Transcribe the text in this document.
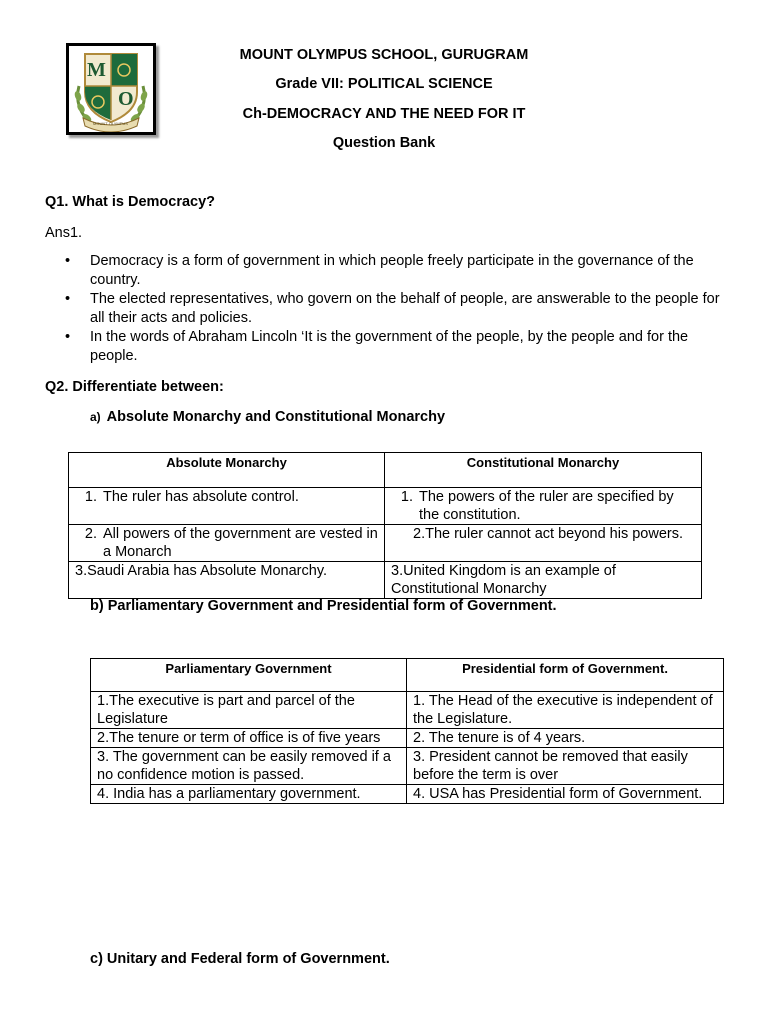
M
O
MOUNT OLYMPUS
MOUNT OLYMPUS SCHOOL, GURUGRAM
Grade VII: POLITICAL SCIENCE
Ch-DEMOCRACY AND THE NEED FOR IT
Question Bank
Q1. What is Democracy?
Ans1.
• Democracy is a form of government in which people freely participate in the governance of the country.
• The elected representatives, who govern on the behalf of people, are answerable to the people for all their acts and policies.
• In the words of Abraham Lincoln ‘It is the government of the people, by the people and for the people.
Q2. Differentiate between:
a) Absolute Monarchy and Constitutional Monarchy
Absolute Monarchy	Constitutional Monarchy

1. The ruler has absolute control.	1. The powers of the ruler are specified by the constitution.

2. All powers of the government are vested in a Monarch	2.The ruler cannot act beyond his powers.

3.Saudi Arabia has Absolute Monarchy.	3.United Kingdom is an example of Constitutional Monarchy
b) Parliamentary Government and Presidential form of Government.
Parliamentary Government	Presidential form of Government.
1.The executive is part and parcel of the Legislature	1. The Head of the executive is independent of the Legislature.
2.The tenure or term of office is of five years	2. The tenure is of 4 years.
3. The government can be easily removed if a no confidence motion is passed.	3. President cannot be removed that easily before the term is over
4. India has a parliamentary government.	4. USA has Presidential form of Government.
c) Unitary and Federal form of Government.
